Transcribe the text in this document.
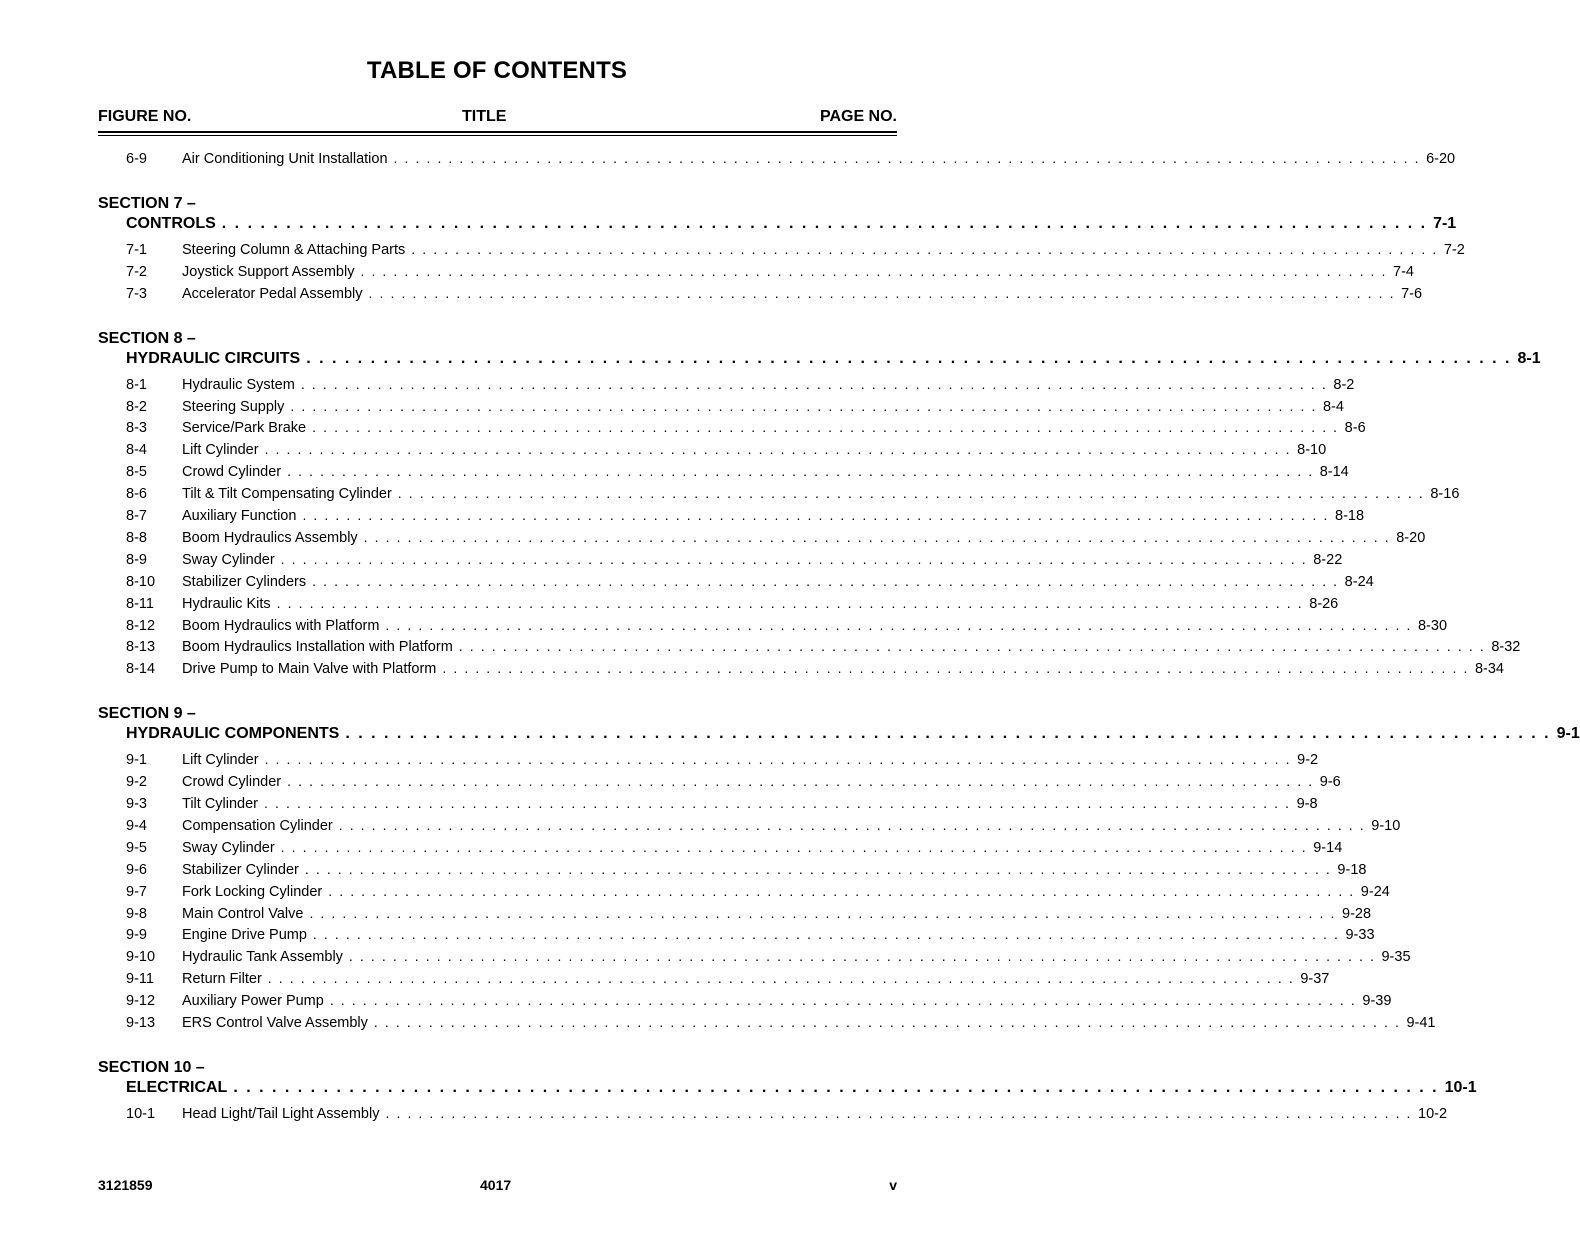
TABLE OF CONTENTS
FIGURE NO.	TITLE	PAGE NO.
6-9	Air Conditioning Unit Installation . . . . . . . . . . . . . . . . . . . . . . . . . . . . . . . . . . . . . . . . . . . . . . . . . . . . . . . . . . . . . . . . . . . . . . . . . . . . . . . . . . . . . . . . . . . . . . 6-20
SECTION 7 –
CONTROLS . . . . . . . . . . . . . . . . . . . . . . . . . . . . . . . . . . . . . . . . . . . . . . . . . . . . . . . . . . . . . . . . . . . . . . . . . . . . . . . . . . . . . . . . . . . . . . 7-1
7-1	Steering Column & Attaching Parts . . . . . . . . . . . . . . . . . . . . . . . . . . . . . . . . . . . . . . . . . . . . . . . . . . . . . . . . . . . . . . . . . . . . . . . . . . . . . . . . . . . . . . . . . . . . . . 7-2
7-2	Joystick Support Assembly . . . . . . . . . . . . . . . . . . . . . . . . . . . . . . . . . . . . . . . . . . . . . . . . . . . . . . . . . . . . . . . . . . . . . . . . . . . . . . . . . . . . . . . . . . . . . . 7-4
7-3	Accelerator Pedal Assembly . . . . . . . . . . . . . . . . . . . . . . . . . . . . . . . . . . . . . . . . . . . . . . . . . . . . . . . . . . . . . . . . . . . . . . . . . . . . . . . . . . . . . . . . . . . . . . 7-6
SECTION 8 –
HYDRAULIC CIRCUITS . . . . . . . . . . . . . . . . . . . . . . . . . . . . . . . . . . . . . . . . . . . . . . . . . . . . . . . . . . . . . . . . . . . . . . . . . . . . . . . . . . . . . . . . . . . . . . 8-1
8-1	Hydraulic System . . . . . . . . . . . . . . . . . . . . . . . . . . . . . . . . . . . . . . . . . . . . . . . . . . . . . . . . . . . . . . . . . . . . . . . . . . . . . . . . . . . . . . . . . . . . . . 8-2
8-2	Steering Supply . . . . . . . . . . . . . . . . . . . . . . . . . . . . . . . . . . . . . . . . . . . . . . . . . . . . . . . . . . . . . . . . . . . . . . . . . . . . . . . . . . . . . . . . . . . . . . 8-4
8-3	Service/Park Brake . . . . . . . . . . . . . . . . . . . . . . . . . . . . . . . . . . . . . . . . . . . . . . . . . . . . . . . . . . . . . . . . . . . . . . . . . . . . . . . . . . . . . . . . . . . . . . 8-6
8-4	Lift Cylinder . . . . . . . . . . . . . . . . . . . . . . . . . . . . . . . . . . . . . . . . . . . . . . . . . . . . . . . . . . . . . . . . . . . . . . . . . . . . . . . . . . . . . . . . . . . . . . 8-10
8-5	Crowd Cylinder . . . . . . . . . . . . . . . . . . . . . . . . . . . . . . . . . . . . . . . . . . . . . . . . . . . . . . . . . . . . . . . . . . . . . . . . . . . . . . . . . . . . . . . . . . . . . . 8-14
8-6	Tilt & Tilt Compensating Cylinder . . . . . . . . . . . . . . . . . . . . . . . . . . . . . . . . . . . . . . . . . . . . . . . . . . . . . . . . . . . . . . . . . . . . . . . . . . . . . . . . . . . . . . . . . . . . . . 8-16
8-7	Auxiliary Function . . . . . . . . . . . . . . . . . . . . . . . . . . . . . . . . . . . . . . . . . . . . . . . . . . . . . . . . . . . . . . . . . . . . . . . . . . . . . . . . . . . . . . . . . . . . . . 8-18
8-8	Boom Hydraulics Assembly . . . . . . . . . . . . . . . . . . . . . . . . . . . . . . . . . . . . . . . . . . . . . . . . . . . . . . . . . . . . . . . . . . . . . . . . . . . . . . . . . . . . . . . . . . . . . . 8-20
8-9	Sway Cylinder . . . . . . . . . . . . . . . . . . . . . . . . . . . . . . . . . . . . . . . . . . . . . . . . . . . . . . . . . . . . . . . . . . . . . . . . . . . . . . . . . . . . . . . . . . . . . . 8-22
8-10	Stabilizer Cylinders . . . . . . . . . . . . . . . . . . . . . . . . . . . . . . . . . . . . . . . . . . . . . . . . . . . . . . . . . . . . . . . . . . . . . . . . . . . . . . . . . . . . . . . . . . . . . . 8-24
8-11	Hydraulic Kits . . . . . . . . . . . . . . . . . . . . . . . . . . . . . . . . . . . . . . . . . . . . . . . . . . . . . . . . . . . . . . . . . . . . . . . . . . . . . . . . . . . . . . . . . . . . . . 8-26
8-12	Boom Hydraulics with Platform . . . . . . . . . . . . . . . . . . . . . . . . . . . . . . . . . . . . . . . . . . . . . . . . . . . . . . . . . . . . . . . . . . . . . . . . . . . . . . . . . . . . . . . . . . . . . . 8-30
8-13	Boom Hydraulics Installation with Platform . . . . . . . . . . . . . . . . . . . . . . . . . . . . . . . . . . . . . . . . . . . . . . . . . . . . . . . . . . . . . . . . . . . . . . . . . . . . . . . . . . . . . . . . . . . . . . 8-32
8-14	Drive Pump to Main Valve with Platform . . . . . . . . . . . . . . . . . . . . . . . . . . . . . . . . . . . . . . . . . . . . . . . . . . . . . . . . . . . . . . . . . . . . . . . . . . . . . . . . . . . . . . . . . . . . . . 8-34
SECTION 9 –
HYDRAULIC COMPONENTS . . . . . . . . . . . . . . . . . . . . . . . . . . . . . . . . . . . . . . . . . . . . . . . . . . . . . . . . . . . . . . . . . . . . . . . . . . . . . . . . . . . . . . . . . . . . . . 9-1
9-1	Lift Cylinder . . . . . . . . . . . . . . . . . . . . . . . . . . . . . . . . . . . . . . . . . . . . . . . . . . . . . . . . . . . . . . . . . . . . . . . . . . . . . . . . . . . . . . . . . . . . . . 9-2
9-2	Crowd Cylinder . . . . . . . . . . . . . . . . . . . . . . . . . . . . . . . . . . . . . . . . . . . . . . . . . . . . . . . . . . . . . . . . . . . . . . . . . . . . . . . . . . . . . . . . . . . . . . 9-6
9-3	Tilt Cylinder . . . . . . . . . . . . . . . . . . . . . . . . . . . . . . . . . . . . . . . . . . . . . . . . . . . . . . . . . . . . . . . . . . . . . . . . . . . . . . . . . . . . . . . . . . . . . . 9-8
9-4	Compensation Cylinder . . . . . . . . . . . . . . . . . . . . . . . . . . . . . . . . . . . . . . . . . . . . . . . . . . . . . . . . . . . . . . . . . . . . . . . . . . . . . . . . . . . . . . . . . . . . . . 9-10
9-5	Sway Cylinder . . . . . . . . . . . . . . . . . . . . . . . . . . . . . . . . . . . . . . . . . . . . . . . . . . . . . . . . . . . . . . . . . . . . . . . . . . . . . . . . . . . . . . . . . . . . . . 9-14
9-6	Stabilizer Cylinder . . . . . . . . . . . . . . . . . . . . . . . . . . . . . . . . . . . . . . . . . . . . . . . . . . . . . . . . . . . . . . . . . . . . . . . . . . . . . . . . . . . . . . . . . . . . . . 9-18
9-7	Fork Locking Cylinder . . . . . . . . . . . . . . . . . . . . . . . . . . . . . . . . . . . . . . . . . . . . . . . . . . . . . . . . . . . . . . . . . . . . . . . . . . . . . . . . . . . . . . . . . . . . . . 9-24
9-8	Main Control Valve . . . . . . . . . . . . . . . . . . . . . . . . . . . . . . . . . . . . . . . . . . . . . . . . . . . . . . . . . . . . . . . . . . . . . . . . . . . . . . . . . . . . . . . . . . . . . . 9-28
9-9	Engine Drive Pump . . . . . . . . . . . . . . . . . . . . . . . . . . . . . . . . . . . . . . . . . . . . . . . . . . . . . . . . . . . . . . . . . . . . . . . . . . . . . . . . . . . . . . . . . . . . . . 9-33
9-10	Hydraulic Tank Assembly . . . . . . . . . . . . . . . . . . . . . . . . . . . . . . . . . . . . . . . . . . . . . . . . . . . . . . . . . . . . . . . . . . . . . . . . . . . . . . . . . . . . . . . . . . . . . . 9-35
9-11	Return Filter . . . . . . . . . . . . . . . . . . . . . . . . . . . . . . . . . . . . . . . . . . . . . . . . . . . . . . . . . . . . . . . . . . . . . . . . . . . . . . . . . . . . . . . . . . . . . . 9-37
9-12	Auxiliary Power Pump . . . . . . . . . . . . . . . . . . . . . . . . . . . . . . . . . . . . . . . . . . . . . . . . . . . . . . . . . . . . . . . . . . . . . . . . . . . . . . . . . . . . . . . . . . . . . . 9-39
9-13	ERS Control Valve Assembly . . . . . . . . . . . . . . . . . . . . . . . . . . . . . . . . . . . . . . . . . . . . . . . . . . . . . . . . . . . . . . . . . . . . . . . . . . . . . . . . . . . . . . . . . . . . . . 9-41
SECTION 10 –
ELECTRICAL . . . . . . . . . . . . . . . . . . . . . . . . . . . . . . . . . . . . . . . . . . . . . . . . . . . . . . . . . . . . . . . . . . . . . . . . . . . . . . . . . . . . . . . . . . . . . . 10-1
10-1	Head Light/Tail Light Assembly . . . . . . . . . . . . . . . . . . . . . . . . . . . . . . . . . . . . . . . . . . . . . . . . . . . . . . . . . . . . . . . . . . . . . . . . . . . . . . . . . . . . . . . . . . . . . . 10-2
3121859	4017	v
